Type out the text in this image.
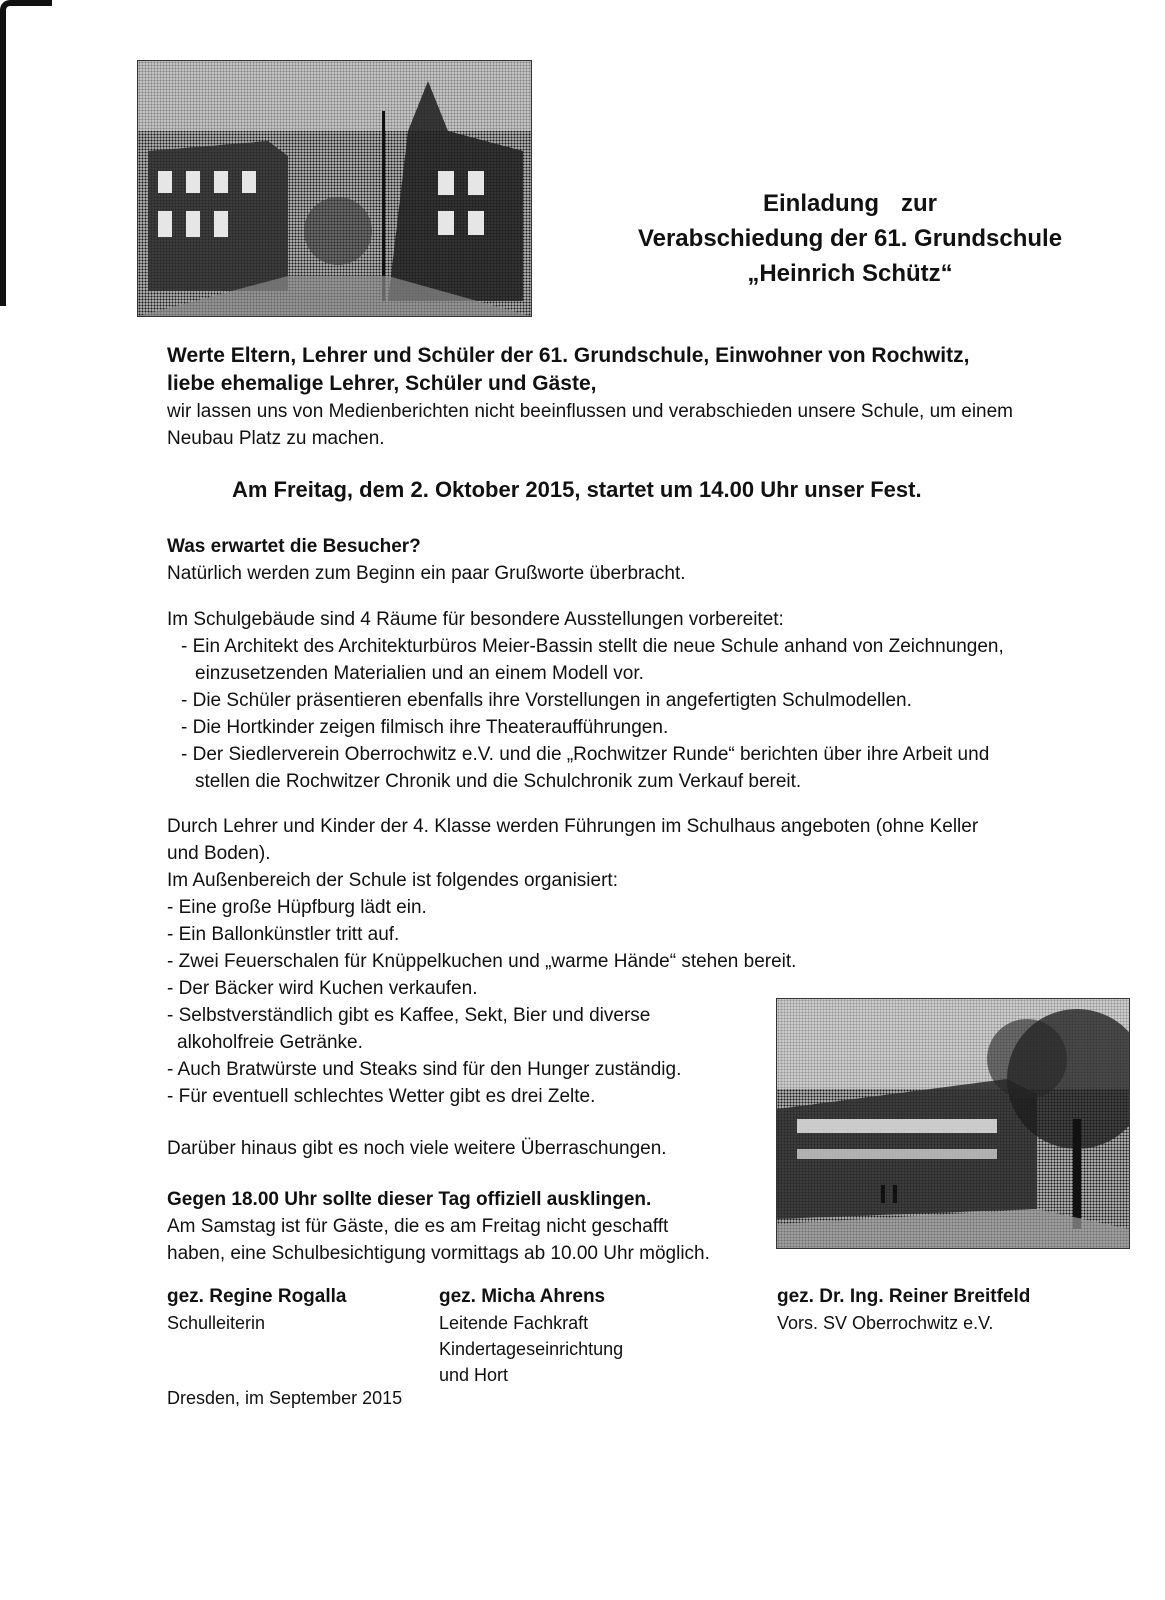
Einladung zur
Verabschiedung der 61. Grundschule
„Heinrich Schütz“
Werte Eltern, Lehrer und Schüler der 61. Grundschule, Einwohner von Rochwitz,
liebe ehemalige Lehrer, Schüler und Gäste,
wir lassen uns von Medienberichten nicht beeinflussen und verabschieden unsere Schule, um einem
Neubau Platz zu machen.
Am Freitag, dem 2. Oktober 2015, startet um 14.00 Uhr unser Fest.
Was erwartet die Besucher?
Natürlich werden zum Beginn ein paar Grußworte überbracht.
Im Schulgebäude sind 4 Räume für besondere Ausstellungen vorbereitet:
- Ein Architekt des Architekturbüros Meier-Bassin stellt die neue Schule anhand von Zeichnungen,
einzusetzenden Materialien und an einem Modell vor.
- Die Schüler präsentieren ebenfalls ihre Vorstellungen in angefertigten Schulmodellen.
- Die Hortkinder zeigen filmisch ihre Theateraufführungen.
- Der Siedlerverein Oberrochwitz e.V. und die „Rochwitzer Runde“ berichten über ihre Arbeit und
stellen die Rochwitzer Chronik und die Schulchronik zum Verkauf bereit.
Durch Lehrer und Kinder der 4. Klasse werden Führungen im Schulhaus angeboten (ohne Keller
und Boden).
Im Außenbereich der Schule ist folgendes organisiert:
- Eine große Hüpfburg lädt ein.
- Ein Ballonkünstler tritt auf.
- Zwei Feuerschalen für Knüppelkuchen und „warme Hände“ stehen bereit.
- Der Bäcker wird Kuchen verkaufen.
- Selbstverständlich gibt es Kaffee, Sekt, Bier und diverse
alkoholfreie Getränke.
- Auch Bratwürste und Steaks sind für den Hunger zuständig.
- Für eventuell schlechtes Wetter gibt es drei Zelte.
Darüber hinaus gibt es noch viele weitere Überraschungen.
Gegen 18.00 Uhr sollte dieser Tag offiziell ausklingen.
Am Samstag ist für Gäste, die es am Freitag nicht geschafft
haben, eine Schulbesichtigung vormittags ab 10.00 Uhr möglich.
gez. Regine Rogalla
Schulleiterin
gez. Micha Ahrens
Leitende Fachkraft
Kindertageseinrichtung
und Hort
gez. Dr. Ing. Reiner Breitfeld
Vors. SV Oberrochwitz e.V.
Dresden, im September 2015
